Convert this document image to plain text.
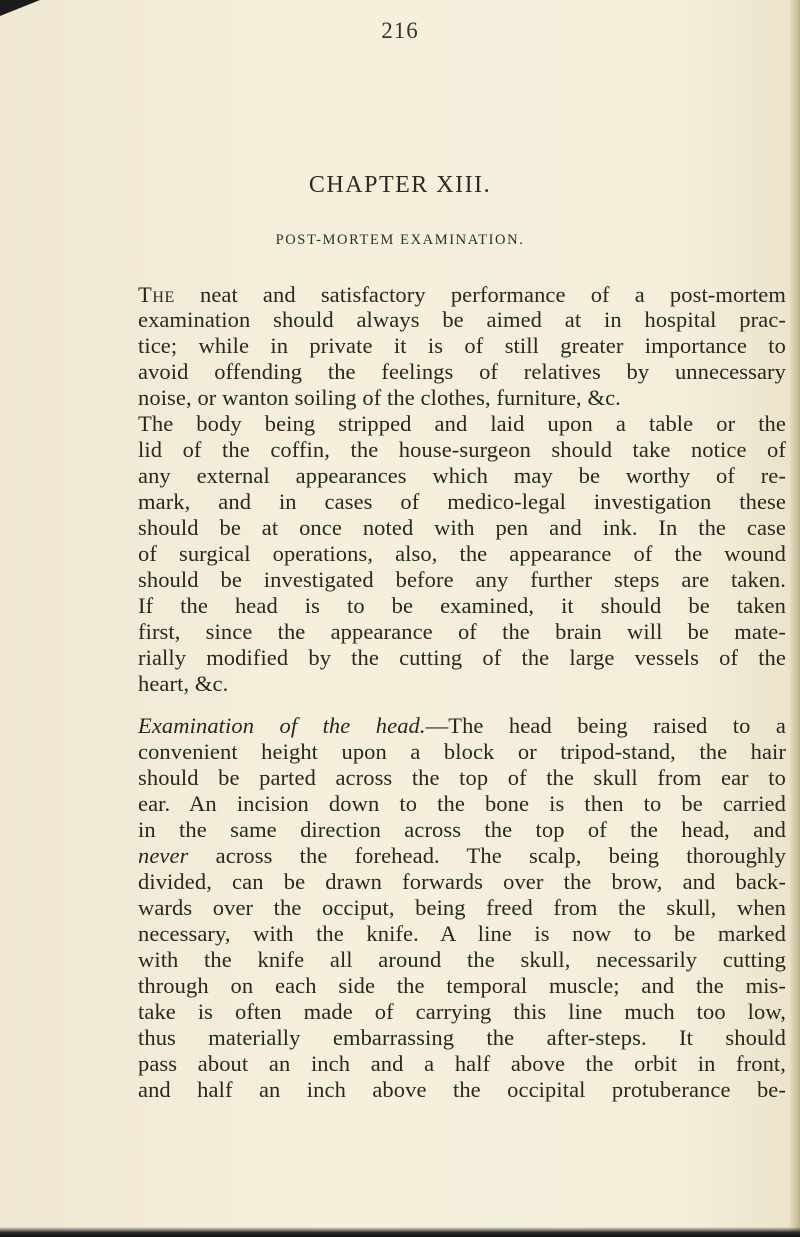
216
CHAPTER XIII.
POST-MORTEM EXAMINATION.
The neat and satisfactory performance of a post-mortem
examination should always be aimed at in hospital prac-
tice; while in private it is of still greater importance to
avoid offending the feelings of relatives by unnecessary
noise, or wanton soiling of the clothes, furniture, &c.
The body being stripped and laid upon a table or the
lid of the coffin, the house-surgeon should take notice of
any external appearances which may be worthy of re-
mark, and in cases of medico-legal investigation these
should be at once noted with pen and ink. In the case
of surgical operations, also, the appearance of the wound
should be investigated before any further steps are taken.
If the head is to be examined, it should be taken
first, since the appearance of the brain will be mate-
rially modified by the cutting of the large vessels of the
heart, &c.
Examination of the head.—The head being raised to a
convenient height upon a block or tripod-stand, the hair
should be parted across the top of the skull from ear to
ear. An incision down to the bone is then to be carried
in the same direction across the top of the head, and
never across the forehead. The scalp, being thoroughly
divided, can be drawn forwards over the brow, and back-
wards over the occiput, being freed from the skull, when
necessary, with the knife. A line is now to be marked
with the knife all around the skull, necessarily cutting
through on each side the temporal muscle; and the mis-
take is often made of carrying this line much too low,
thus materially embarrassing the after-steps. It should
pass about an inch and a half above the orbit in front,
and half an inch above the occipital protuberance be-
